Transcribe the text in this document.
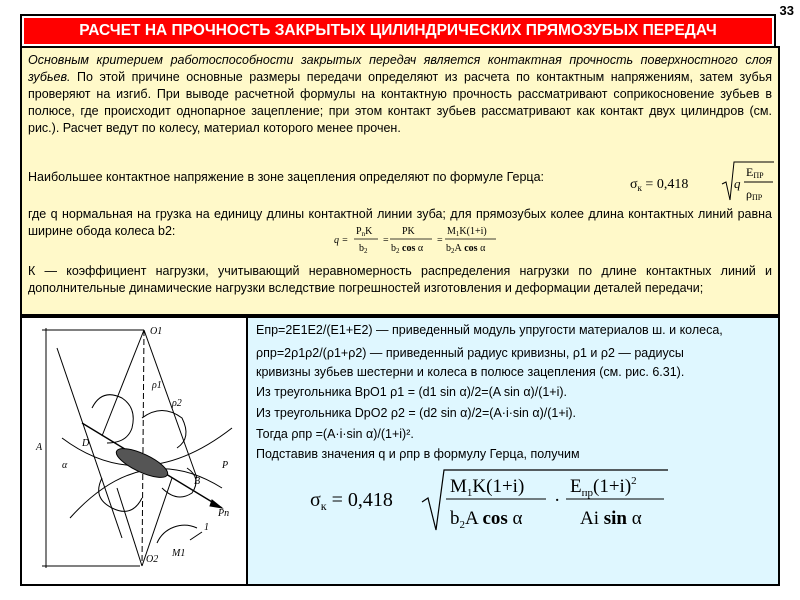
33
РАСЧЕТ НА ПРОЧНОСТЬ ЗАКРЫТЫХ ЦИЛИНДРИЧЕСКИХ ПРЯМОЗУБЫХ ПЕРЕДАЧ
Основным критерием работоспособности закрытых передач является контактная прочность поверхностного слоя зубьев. По этой причине основные размеры передачи определяют из расчета по контактным напряжениям, затем зубья проверяют на изгиб. При выводе расчетной формулы на контактную прочность рассматривают соприкосновение зубьев в полюсе, где происходит однопарное зацепление; при этом контакт зубьев рассматривают как контакт двух цилиндров (см. рис.). Расчет ведут по колесу, материал которого менее прочен.
Наибольшее контактное напряжение в зоне зацепления определяют по формуле Герца:	$\sigma_к = 0,418$	q
EПР
ρПР
где q нормальная на грузка на единицу длины контактной линии зуба; для прямозубых колее длина контактных линий равна ширине обода колеса b2:
q =
$P_nK$
$b_2$
=
PK
$b_2$ cos α
=
$M_1K(1+i)$
$b_2A$ cos α
К — коэффициент нагрузки, учитывающий неравномерность распределения нагрузки по длине контактных линий и дополнительные динамические нагрузки вследствие погрешностей изготовления и деформации деталей передачи;
O1
O2
P
Pn
D
B
ρ1
ρ2
α
1
M1
A
Eпр=2E1E2/(E1+E2) — приведенный модуль упругости материалов ш. и колеса,
ρпр=2ρ1ρ2/(ρ1+ρ2) — приведенный радиус кривизны, ρ1 и ρ2 — радиусы
кривизны зубьев шестерни и колеса в полюсе зацепления (см. рис. 6.31).
Из треугольника BpO1 ρ1 = (d1 sin α)/2=(A sin α)/(1+i).
Из треугольника DpO2 ρ2 = (d2 sin α)/2=(A·i·sin α)/(1+i).
Тогда ρпр =(A·i·sin α)/(1+i)².
Подставив значения q и ρпр в формулу Герца, получим
$\sigma_к = 0,418$
$M_1K(1+i)$
$b_2A$ cos α
·
$E_{пр}(1+i)^2$
Ai sin α
